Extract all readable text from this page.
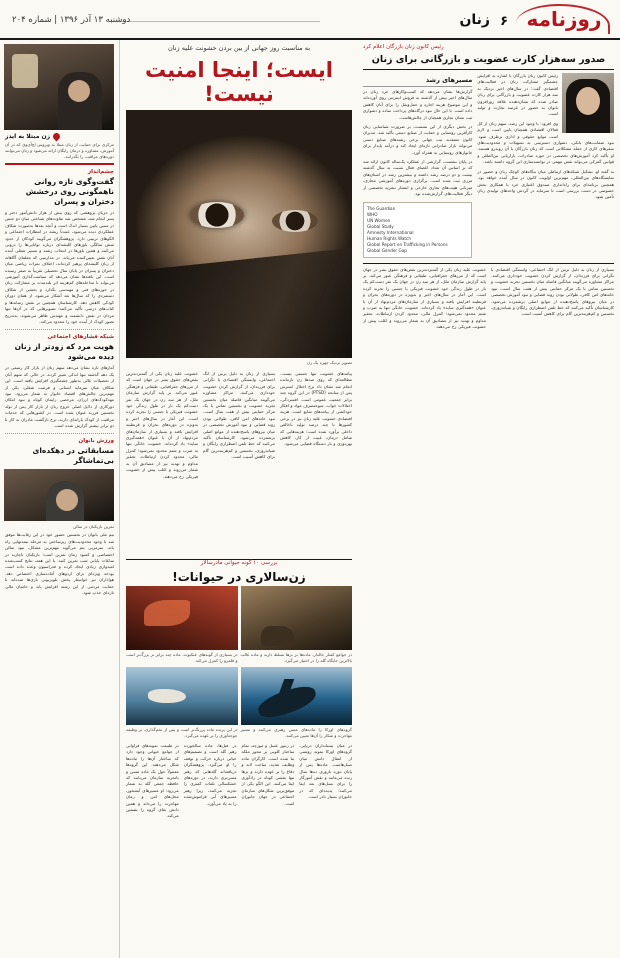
روزنامه
۶
زنان
دوشنبه ۱۳ آذر ۱۳۹۶ | شماره ۲۰۴
زن مبتلا به ایدز
مرکزی برای حمایت از زنان مبتلا به ویروس اچ‌آی‌وی که در آن آموزش، مشاوره و درمان رایگان ارائه می‌شود و زنان می‌توانند دوره‌های مراقبت را بگذرانند.
چشم‌انداز
گفت‌وگوی تازه روانی ناهمگونی روی درخشش دختران و پسران
در جریان پژوهشی که روی بیش از هزار دانش‌آموز دختر و پسر انجام شد، مشخص شد تفاوت‌های شناختی میان دو جنس در سنین پایین بسیار اندک است و آنچه بعدها به‌صورت شکاف عملکردی دیده می‌شود، عمدتاً ریشه در انتظارات اجتماعی و الگوهای تربیتی دارد. پژوهشگران می‌گویند کودکان از حدود شش سالگی باورهای کلیشه‌ای درباره توانایی‌ها را درونی می‌کنند و همین باورها در انتخاب رشته و مسیر شغلی آینده آنان نقش تعیین‌کننده می‌یابد. در مدارسی که معلمان آگاهانه از زبان کلیشه‌ای پرهیز کرده‌اند، اختلاف نمرات ریاضی میان دختران و پسران در پایان سال تحصیلی تقریباً به صفر رسیده است. این یافته‌ها نشان می‌دهد که سیاست‌گذاری آموزشی می‌تواند با مداخله‌های کم‌هزینه اثر بلندمدت بر مشارکت زنان در حوزه‌های فنی و مهندسی بگذارد و بخشی از شکاف دستمزدی را که سال‌ها بعد آشکار می‌شود، از همان دوران کودکی کاهش دهد. کارشناسان همچنین بر نقش رسانه‌ها و کتاب‌های درسی تأکید می‌کنند؛ تصویرهایی که در آن‌ها تنها مردان در نقش دانشمند و مهندس ظاهر می‌شوند، به‌تدریج تصور کودک از آینده خود را محدود می‌کند.
شبکه فشارهای اجتماعی
هویت مرد که زودتر از زنان دیده می‌شود
آمارهای تازه نشان می‌دهد سهم زنان از بازار کار رسمی در یک دهه گذشته تنها اندکی تغییر کرده، در حالی که سهم آنان از تحصیلات عالی به‌طور چشمگیری افزایش یافته است. این شکاف میان سرمایه انسانی و فرصت شغلی، یکی از مهم‌ترین چالش‌های اقتصاد خانوار به شمار می‌رود. نبود مهدکودک‌های ارزان، مرخصی زایمان کوتاه و نبود امکان دورکاری از دلایل اصلی خروج زنان از بازار کار پس از تولد نخستین فرزند عنوان شده است. در کشورهایی که خدمات مراقبت از کودک یارانه‌ای دارند، نرخ بازگشت مادران به کار تا دو برابر بیشتر گزارش شده است.
ورزش بانوان
مسابقاتی در دهکده‌ای بی‌تماشاگر
تمرین بازیکنان در سالن
تیم ملی بانوان در نخستین حضور خود در این رقابت‌ها موفق شد با وجود محدودیت‌های زیرساختی به مرحله نیمه‌نهایی راه یابد. سرمربی تیم می‌گوید مهم‌ترین مشکل، نبود سالن اختصاصی و کمبود زمان تمرین است؛ بازیکنان ناچارند در ساعات پایانی شب تمرین کنند. با این همه، نتایج کسب‌شده امیدواری زیادی ایجاد کرده و فدراسیون وعده داده است بودجه ویژه‌ای برای اردوهای آماده‌سازی اختصاص دهد. هواداران نیز خواستار پخش تلویزیونی بازی‌ها شده‌اند تا حمایت مردمی از این رشته افزایش یابد و حامیان مالی تازه‌ای جذب شود.
به مناسبت روز جهانی از بین بردن خشونت علیه زنان
ایست؛ اینجا امنیت نیست!
تصویر نزدیک چهره یک زن
پیامدهای خشونت تنها جسمی نیست. مطالعه‌ای که روی صدها زن بازمانده انجام شد نشان داد نرخ اختلال استرس پس از سانحه (PTSD) در این گروه چند برابر جمعیت عمومی است. افسردگی، اختلالات خواب، سوءمصرف مواد و افکار خودکشی از پیامدهای شایع است. هزینه اقتصادی خشونت علیه زنان نیز در برخی کشورها تا چند درصد تولید ناخالص داخلی برآورد شده است؛ هزینه‌هایی که شامل درمان، غیبت از کار، کاهش بهره‌وری و بار دستگاه قضایی می‌شود.
بسیاری از زنان به دلیل ترس از انگ اجتماعی، وابستگی اقتصادی یا نگرانی برای فرزندان، از گزارش کردن خشونت خودداری می‌کنند. مراکز مشاوره می‌گویند میانگین فاصله میان نخستین تجربه خشونت و نخستین تماس با یک مرکز حمایتی بیش از هفت سال است. نبود خانه‌های امن کافی، طولانی بودن روند قضایی و نبود آموزش تخصصی در میان نیروهای پاسخ‌دهنده از موانع اصلی برشمرده می‌شود. کارشناسان تأکید می‌کنند که خط تلفن اضطراری رایگان و شبانه‌روزی، نخستین و کم‌هزینه‌ترین گام برای کاهش آسیب است.
خشونت علیه زنان یکی از گسترده‌ترین نقض‌های حقوق بشر در جهان است که از مرزهای جغرافیایی، طبقاتی و فرهنگی عبور می‌کند. بر پایه گزارش سازمان ملل، از هر سه زن در جهان یک نفر دست‌کم یک بار در طول زندگی خود خشونت فیزیکی یا جنسی را تجربه کرده است. این آمار در سال‌های اخیر و به‌ویژه در دوره‌های بحران و قرنطینه افزایش یافته و بسیاری از سازمان‌های مردم‌نهاد از آن با عنوان «همه‌گیری سایه» یاد کرده‌اند. خشونت خانگی تنها به ضرب و شتم محدود نمی‌شود؛ کنترل مالی، محدود کردن ارتباطات، تحقیر مداوم و تهدید نیز از مصادیق آن به شمار می‌روند و اغلب پیش از خشونت فیزیکی رخ می‌دهند.
بررسی ۱۰ گونه حیوانی مادرسالار
زن‌سالاری در حیوانات!
در جوامع کفتار خالدار، ماده‌ها بر نرها تسلط دارند و ماده غالب بالاترین جایگاه گله را در اختیار می‌گیرد.
در بسیاری از گونه‌های عنکبوت، ماده چند برابر نر بزرگ‌تر است و قلمرو را کنترل می‌کند.
گروه‌های اورکا را ماده‌های مسن رهبری می‌کنند و مسیر مهاجرت و شکار را آن‌ها تعیین می‌کنند.
در این پرنده ماده پررنگ‌تر است و پس از تخم‌گذاری، نر وظیفه جوجه‌آوری را بر عهده می‌گیرد.
در میان پستانداران دریایی، گروه‌های اورکا نمونه روشنی از انتقال دانش میان نسل‌هاست. ماده‌ها پس از پایان دوره باروری ده‌ها سال زنده می‌مانند و نقش آموزگار را برای نسل‌های بعد ایفا می‌کنند؛ پدیده‌ای که در جانوران بسیار نادر است.
در زنبور عسل و مورچه، تمام ساختار کلونی بر محور ملکه بنا شده است. کارگران ماده وظایف تغذیه، ساخت لانه و دفاع را بر عهده دارند و نرها تنها نقشی کوتاه در زادآوری ایفا می‌کنند. این الگو یکی از موفق‌ترین شکل‌های سازمان اجتماعی در جهان جانوران است.
در فیل‌ها، ماده سالخورده رهبر گله است و تصمیم‌های حیاتی درباره حرکت و توقف را او می‌گیرد. پژوهشگران دریافته‌اند گله‌هایی که رهبر مسن‌تری دارند، در دوره‌های خشکسالی تلفات کمتری را تجربه می‌کنند، زیرا رهبر مسیرهای آبی فراموش‌شده را به یاد می‌آورد.
در طبیعت نمونه‌های فراوانی از جوامع حیوانی وجود دارد که ساختار آن‌ها را ماده‌ها شکل می‌دهند. این گروه‌ها معمولاً حول یک ماده مسن و باتجربه سازمان می‌یابند که حافظه جمعی گله به شمار می‌رود؛ او مسیرهای آبشخور، محل‌های امن و زمان مهاجرت را می‌داند و همین دانش بقای گروه را تضمین می‌کند.
رئیس کانون زنان بازرگان اعلام کرد
صدور سه‌هزار کارت عضویت و بازرگانی برای زنان
رئیس کانون زنان بازرگان با اشاره به افزایش چشمگیر مشارکت زنان در فعالیت‌های اقتصادی گفت: در سال‌های اخیر نزدیک به سه هزار کارت عضویت و بازرگانی برای زنان صادر شده که نشان‌دهنده علاقه روزافزون بانوان به حضور در عرصه تجارت و تولید است.
وی افزود: با وجود این رشد، سهم زنان از کل فعالان اقتصادی همچنان پایین است و لازم است موانع حقوقی و اداری برطرف شود. نبود ضمانت‌های بانکی، دشواری دسترسی به تسهیلات و محدودیت‌های سفرهای کاری از جمله مشکلاتی است که زنان بازرگان با آن روبه‌رو هستند. او تأکید کرد آموزش‌های تخصصی در حوزه صادرات، بازاریابی بین‌المللی و قوانین گمرکی می‌تواند نقش مهمی در توانمندسازی این گروه داشته باشد.
به گفته او، تشکیل شبکه‌های ارتباطی میان بنگاه‌های کوچک زنان و حضور در نمایشگاه‌های بین‌المللی، مهم‌ترین اولویت کانون در سال آینده خواهد بود. همچنین برنامه‌ای برای راه‌اندازی صندوق اعتباری خرد با همکاری بخش خصوصی در دست بررسی است تا سرمایه در گردش واحدهای تولیدی زنان تأمین شود.
مسیرهای رشد
گزارش‌ها نشان می‌دهد که کسب‌وکارهای خرد زنان در سال‌های اخیر بیش از گذشته به فروش اینترنتی روی آورده‌اند و این موضوع هزینه اجاره و حمل‌ونقل را برای آنان کاهش داده است. با این حال نبود درگاه‌های پرداخت ساده و دشواری ثبت نشان تجاری همچنان از چالش‌هاست.
در بخش دیگری از این نشست، بر ضرورت شناسایی زنان کارآفرین روستایی و حمایت از صنایع دستی تأکید شد. مدیران کانون معتقدند ثبت جهانی برخی رشته‌های صنایع دستی می‌تواند بازار صادراتی تازه‌ای ایجاد کند و درآمد پایدار برای خانوارهای روستایی به همراه آورد.
در پایان نشست، گزارشی از عملکرد یک‌ساله کانون ارائه شد که بر اساس آن تعداد اعضای فعال نسبت به سال گذشته بیست و دو درصد رشد داشته و بیشترین رشد در استان‌های مرزی ثبت شده است. برگزاری دوره‌های آموزشی مجازی، میزبانی هیئت‌های تجاری خارجی و انتشار نشریه تخصصی از دیگر فعالیت‌های گزارش‌شده بود.
The Guardian
WHO
UN Women
Global Study
Amnesty International
Human Rights Watch
Global Report on Trafficking in Persons
Global Gender Gap
بسیاری از زنان به دلیل ترس از انگ اجتماعی، وابستگی اقتصادی یا نگرانی برای فرزندان، از گزارش کردن خشونت خودداری می‌کنند. مراکز مشاوره می‌گویند میانگین فاصله میان نخستین تجربه خشونت و نخستین تماس با یک مرکز حمایتی بیش از هفت سال است. نبود خانه‌های امن کافی، طولانی بودن روند قضایی و نبود آموزش تخصصی در میان نیروهای پاسخ‌دهنده از موانع اصلی برشمرده می‌شود. کارشناسان تأکید می‌کنند که خط تلفن اضطراری رایگان و شبانه‌روزی، نخستین و کم‌هزینه‌ترین گام برای کاهش آسیب است.
خشونت علیه زنان یکی از گسترده‌ترین نقض‌های حقوق بشر در جهان است که از مرزهای جغرافیایی، طبقاتی و فرهنگی عبور می‌کند. بر پایه گزارش سازمان ملل، از هر سه زن در جهان یک نفر دست‌کم یک بار در طول زندگی خود خشونت فیزیکی یا جنسی را تجربه کرده است. این آمار در سال‌های اخیر و به‌ویژه در دوره‌های بحران و قرنطینه افزایش یافته و بسیاری از سازمان‌های مردم‌نهاد از آن با عنوان «همه‌گیری سایه» یاد کرده‌اند. خشونت خانگی تنها به ضرب و شتم محدود نمی‌شود؛ کنترل مالی، محدود کردن ارتباطات، تحقیر مداوم و تهدید نیز از مصادیق آن به شمار می‌روند و اغلب پیش از خشونت فیزیکی رخ می‌دهند.
